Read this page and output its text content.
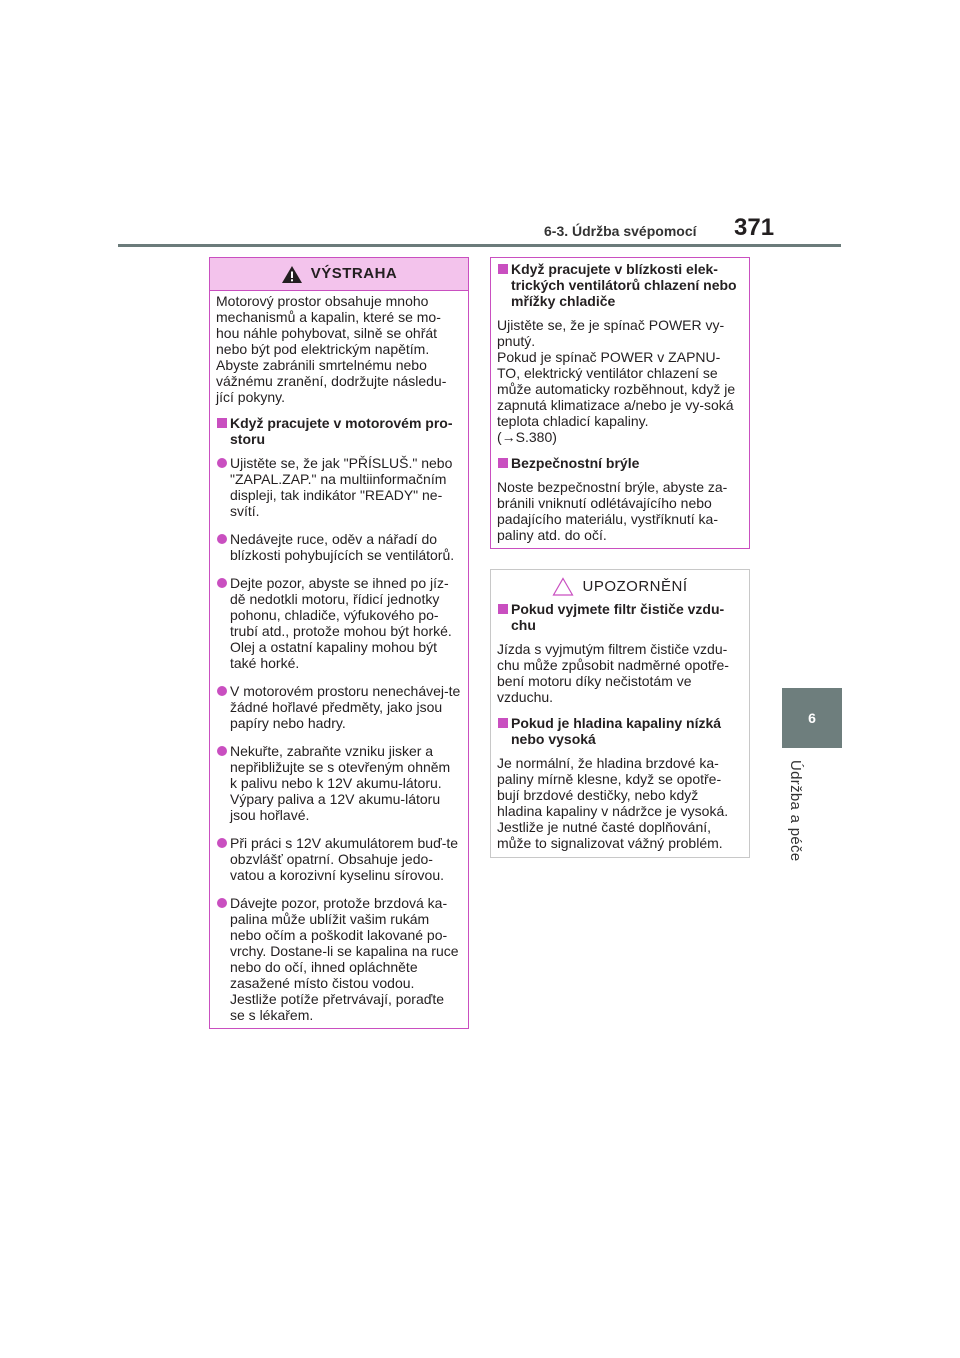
6-3. Údržba svépomocí 371
6
Údržba a péče
VÝSTRAHA

Motorový prostor obsahuje mnoho mechanismů a kapalin, které se mo-hou náhle pohybovat, silně se ohřát nebo být pod elektrickým napětím. Abyste zabránili smrtelnému nebo vážnému zranění, dodržujte následu-jící pokyny.

Když pracujete v motorovém pro-storu
Ujistěte se, že jak "PŘÍSLUŠ." nebo "ZAPAL.ZAP." na multiinformačním displeji, tak indikátor "READY" ne-svítí.
Nedávejte ruce, oděv a nářadí do blízkosti pohybujících se ventilátorů.
Dejte pozor, abyste se ihned po jíz-dě nedotkli motoru, řídicí jednotky pohonu, chladiče, výfukového po-trubí atd., protože mohou být horké. Olej a ostatní kapaliny mohou být také horké.
V motorovém prostoru nenechávej-te žádné hořlavé předměty, jako jsou papíry nebo hadry.
Nekuřte, zabraňte vzniku jisker a nepřibližujte se s otevřeným ohněm k palivu nebo k 12V akumu-látoru. Výpary paliva a 12V akumu-látoru jsou hořlavé.
Při práci s 12V akumulátorem buď-te obzvlášť opatrní. Obsahuje jedo-vatou a korozivní kyselinu sírovou.
Dávejte pozor, protože brzdová ka-palina může ublížit vašim rukám nebo očím a poškodit lakované po-vrchy. Dostane-li se kapalina na ruce nebo do očí, ihned opláchněte zasažené místo čistou vodou. Jestliže potíže přetrvávají, poraďte se s lékařem.
Když pracujete v blízkosti elek-trických ventilátorů chlazení nebo mřížky chladiče

Ujistěte se, že je spínač POWER vy-pnutý.
Pokud je spínač POWER v ZAPNU-TO, elektrický ventilátor chlazení se může automaticky rozběhnout, když je zapnutá klimatizace a/nebo je vy-soká teplota chladicí kapaliny.
(→S.380)

Bezpečnostní brýle

Noste bezpečnostní brýle, abyste za-bránili vniknutí odlétávajícího nebo padajícího materiálu, vystříknutí ka-paliny atd. do očí.

UPOZORNĚNÍ
Pokud vyjmete filtr čističe vzdu-chu

Jízda s vyjmutým filtrem čističe vzdu-chu může způsobit nadměrné opotře-bení motoru díky nečistotám ve vzduchu.

Pokud je hladina kapaliny nízká nebo vysoká

Je normální, že hladina brzdové ka-paliny mírně klesne, když se opotře-bují brzdové destičky, nebo když hladina kapaliny v nádržce je vysoká. Jestliže je nutné časté doplňování, může to signalizovat vážný problém.
